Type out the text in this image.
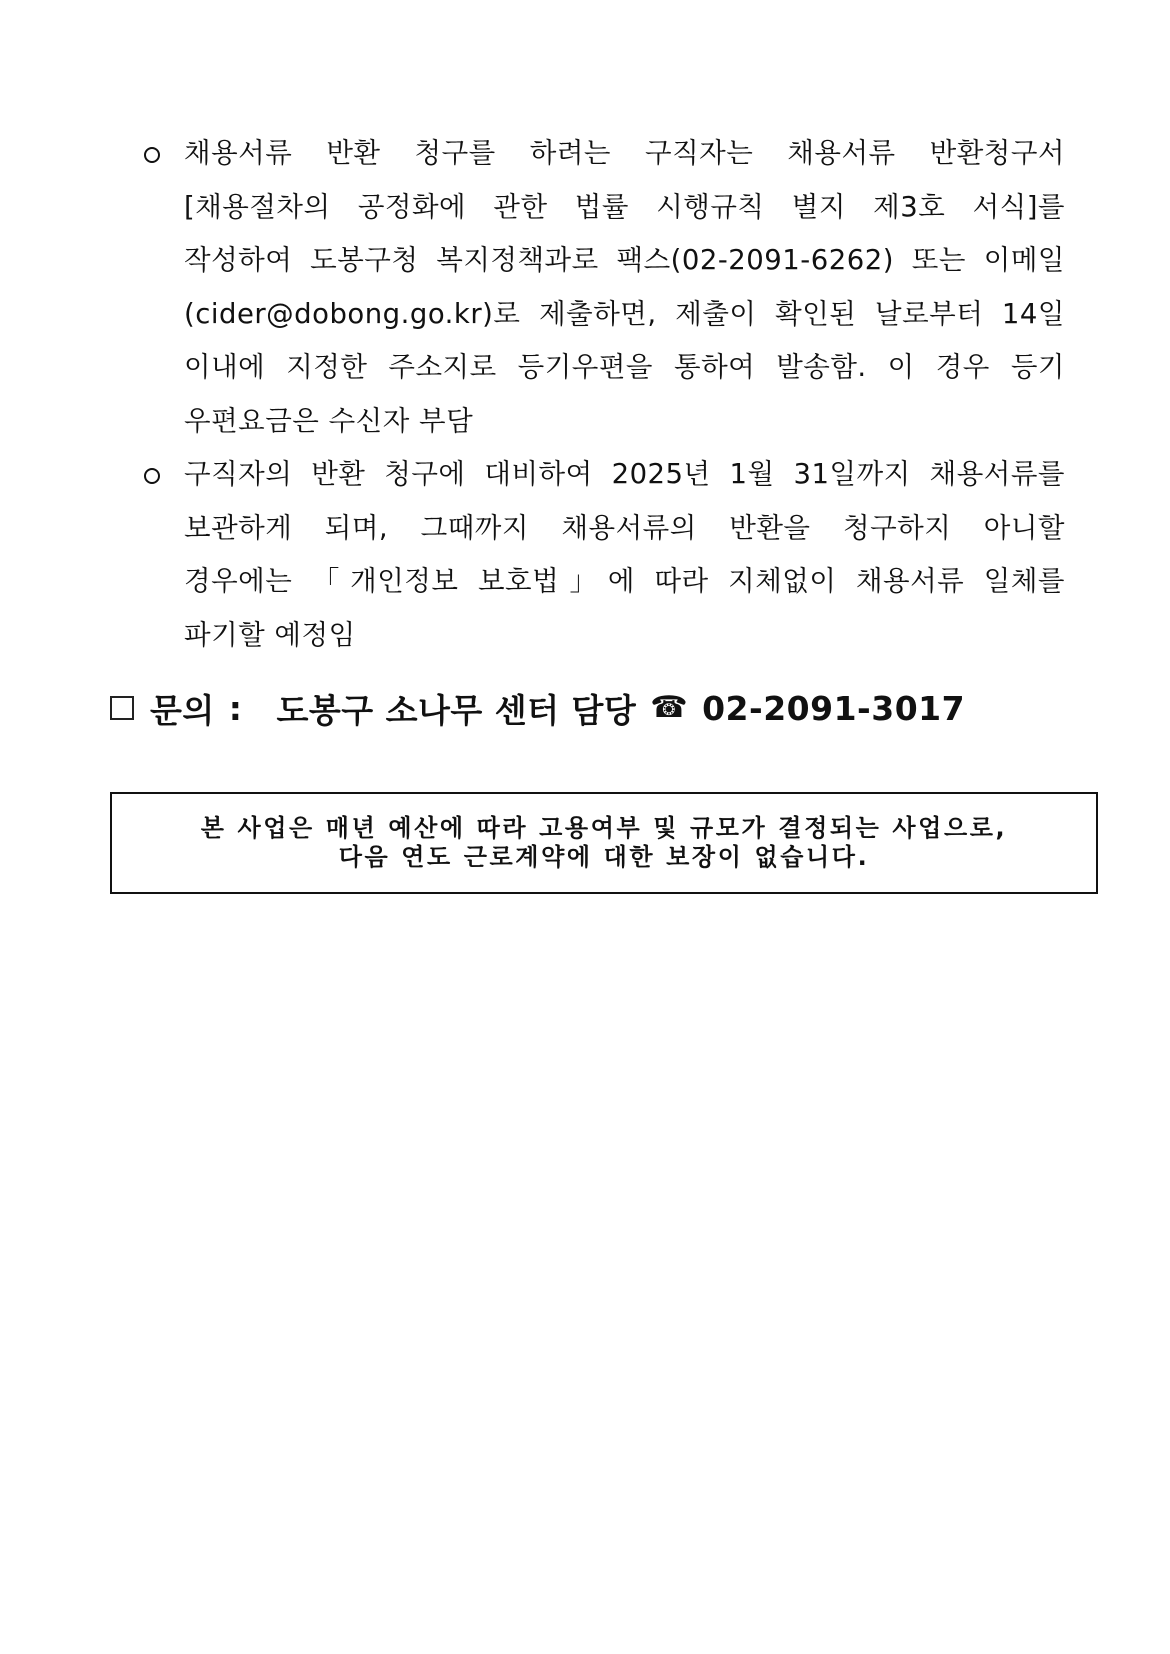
채용서류 반환 청구를 하려는 구직자는 채용서류 반환청구서
[채용절차의 공정화에 관한 법률 시행규칙 별지 제3호 서식]를
작성하여 도봉구청 복지정책과로 팩스(02-2091-6262) 또는 이메일
(cider@dobong.go.kr)로 제출하면, 제출이 확인된 날로부터 14일
이내에 지정한 주소지로 등기우편을 통하여 발송함. 이 경우 등기
우편요금은 수신자 부담
구직자의 반환 청구에 대비하여 2025년 1월 31일까지 채용서류를
보관하게 되며, 그때까지 채용서류의 반환을 청구하지 아니할
경우에는 「개인정보 보호법」에 따라 지체없이 채용서류 일체를
파기할 예정임
문의 : 도봉구 소나무 센터 담당 ☎ 02-2091-3017
본 사업은 매년 예산에 따라 고용여부 및 규모가 결정되는 사업으로,
다음 연도 근로계약에 대한 보장이 없습니다.
